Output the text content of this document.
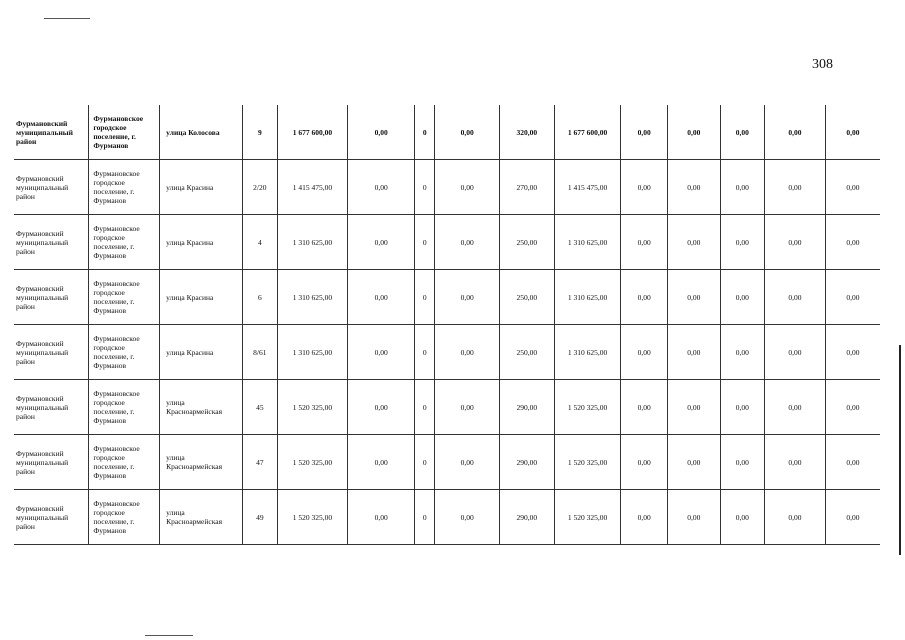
308
Фурмановский муниципальный район	Фурмановское городское поселение, г. Фурманов	улица Колосова	9	1 677 600,00	0,00	0	0,00	320,00	1 677 600,00	0,00	0,00	0,00	0,00	0,00
Фурмановский муниципальный район	Фурмановское городское поселение, г. Фурманов	улица Красина	2/20	1 415 475,00	0,00	0	0,00	270,00	1 415 475,00	0,00	0,00	0,00	0,00	0,00
Фурмановский муниципальный район	Фурмановское городское поселение, г. Фурманов	улица Красина	4	1 310 625,00	0,00	0	0,00	250,00	1 310 625,00	0,00	0,00	0,00	0,00	0,00
Фурмановский муниципальный район	Фурмановское городское поселение, г. Фурманов	улица Красина	6	1 310 625,00	0,00	0	0,00	250,00	1 310 625,00	0,00	0,00	0,00	0,00	0,00
Фурмановский муниципальный район	Фурмановское городское поселение, г. Фурманов	улица Красина	8/61	1 310 625,00	0,00	0	0,00	250,00	1 310 625,00	0,00	0,00	0,00	0,00	0,00
Фурмановский муниципальный район	Фурмановское городское поселение, г. Фурманов	улица Красноармейская	45	1 520 325,00	0,00	0	0,00	290,00	1 520 325,00	0,00	0,00	0,00	0,00	0,00
Фурмановский муниципальный район	Фурмановское городское поселение, г. Фурманов	улица Красноармейская	47	1 520 325,00	0,00	0	0,00	290,00	1 520 325,00	0,00	0,00	0,00	0,00	0,00
Фурмановский муниципальный район	Фурмановское городское поселение, г. Фурманов	улица Красноармейская	49	1 520 325,00	0,00	0	0,00	290,00	1 520 325,00	0,00	0,00	0,00	0,00	0,00
